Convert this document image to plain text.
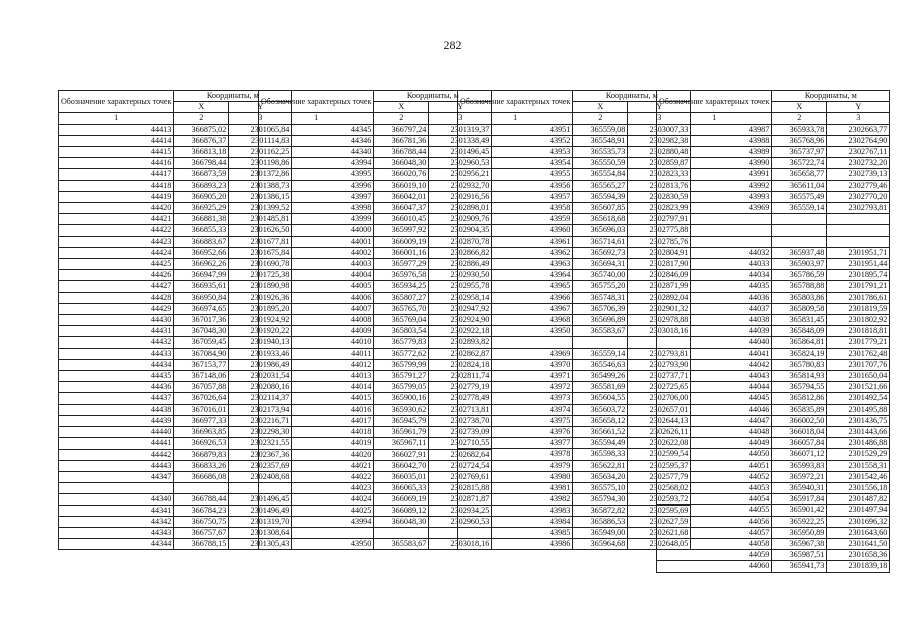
282
Обозначение характерных точек	Координаты, м	
	X	Y
1	2	3
44413	366875,02	2301065,84
44414	366876,37	2301114,83
44415	366813,18	2301162,25
44416	366798,44	2301198,86
44417	366873,59	2301372,86
44418	366893,23	2301388,73
44419	366905,20	2301386,15
44420	366925,29	2301399,52
44421	366881,38	2301485,81
44422	366855,33	2301626,50
44423	366883,67	2301677,81
44424	366952,66	2301675,84
44425	366962,26	2301690,78
44426	366947,99	2301725,38
44427	366935,61	2301890,98
44428	366950,84	2301926,36
44429	366974,65	2301895,20
44430	367017,36	2301924,92
44431	367048,30	2301920,22
44432	367059,45	2301940,13
44433	367084,90	2301933,46
44434	367153,77	2301986,49
44435	367148,06	2302031,54
44436	367057,88	2302080,16
44437	367026,64	2302114,37
44438	367016,01	2302173,94
44439	366977,33	2302216,71
44440	366963,85	2302298,30
44441	366926,53	2302321,55
44442	366879,83	2302367,36
44443	366833,26	2302357,69
44347	366686,08	2302408,68

44340	366788,44	2301496,45
44341	366784,23	2301496,49
44342	366750,75	2301319,70
44343	366757,67	2301308,64
44344	366788,15	2301305,43
Обозначение характерных точек	Координаты, м	
	X	Y
1	2	3
44345	366797,24	2301319,37
44346	366781,36	2301338,49
44340	366788,44	2301496,45
43994	366048,30	2302960,53
43995	366020,76	2302956,21
43996	366019,10	2302932,70
43997	366042,01	2302916,56
43998	366047,37	2302898,01
43999	366010,45	2302909,76
44000	365997,92	2302904,35
44001	366009,19	2302870,78
44002	366001,16	2302866,82
44003	365977,29	2302886,49
44004	365976,58	2302930,50
44005	365934,25	2302955,78
44006	365807,27	2302958,14
44007	365765,70	2302947,92
44008	365769,04	2302924,90
44009	365803,54	2302922,18
44010	365779,83	2302893,82
44011	365772,62	2302862,87
44012	365799,99	2302824,18
44013	365791,27	2302811,74
44014	365799,05	2302779,19
44015	365900,16	2302778,49
44016	365930,62	2302713,81
44017	365945,79	2302738,70
44018	365961,79	2302739,09
44019	365967,11	2302710,55
44020	366027,91	2302682,64
44021	366042,70	2302724,54
44022	366035,01	2302769,61
44023	366065,33	2302815,88
44024	366069,19	2302871,87
44025	366089,12	2302934,25
43994	366048,30	2302960,53

43950	365583,67	2303018,16
Обозначение характерных точек	Координаты, м	
	X	Y
1	2	3
43951	365559,08	2303007,33
43952	365548,91	2302982,38
43953	365535,73	2302880,48
43954	365550,59	2302859,87
43955	365554,84	2302823,33
43956	365565,27	2302813,76
43957	365594,39	2302830,59
43958	365607,85	2302823,99
43959	365618,68	2302797,91
43960	365696,03	2302775,88
43961	365714,61	2302785,76
43962	365692,73	2302804,91
43963	365694,31	2302817,90
43964	365740,00	2302846,09
43965	365755,20	2302871,99
43966	365748,31	2302892,04
43967	365706,39	2302901,32
43968	365696,89	2302978,88
43950	365583,67	2303018,16

43969	365559,14	2302793,81
43970	365546,63	2302793,90
43971	365499,26	2302737,71
43972	365581,69	2302725,65
43973	365604,55	2302706,00
43974	365603,72	2302657,01
43975	365658,12	2302644,13
43976	365661,52	2302626,11
43977	365594,49	2302622,08
43978	365598,33	2302599,54
43979	365622,81	2302595,37
43980	365634,20	2302577,79
43981	365575,10	2302568,02
43982	365794,30	2302593,72
43983	365872,82	2302595,69
43984	365886,53	2302627,59
43985	365949,00	2302621,68
43986	365964,68	2302648,05
Обозначение характерных точек	Координаты, м	
	X	Y
1	2	3
43987	365933,78	2302663,77
43988	365768,96	2302764,90
43989	365737,97	2302767,11
43990	365722,74	2302732,20
43991	365658,77	2302739,13
43992	365611,04	2302779,46
43993	365575,49	2302770,20
43969	365559,14	2302793,81

44032	365937,48	2301951,71
44033	365903,97	2301951,44
44034	365786,59	2301895,74
44035	365788,88	2301791,21
44036	365803,86	2301786,61
44037	365809,58	2301819,59
44038	365831,45	2301802,92
44039	365848,09	2301818,81
44040	365864,81	2301779,21
44041	365824,19	2301762,48
44042	365780,83	2301707,76
44043	365814,93	2301650,04
44044	365794,55	2301521,66
44045	365812,86	2301492,54
44046	365835,89	2301495,88
44047	366002,50	2301436,75
44048	366018,04	2301443,66
44049	366057,84	2301486,88
44050	366071,12	2301529,29
44051	365993,83	2301558,31
44052	365972,21	2301542,46
44053	365940,31	2301556,18
44054	365917,84	2301487,82
44055	365901,42	2301497,94
44056	365922,25	2301696,32
44057	365950,89	2301643,60
44058	365967,38	2301641,50
44059	365987,51	2301658,36
44060	365941,73	2301839,18
